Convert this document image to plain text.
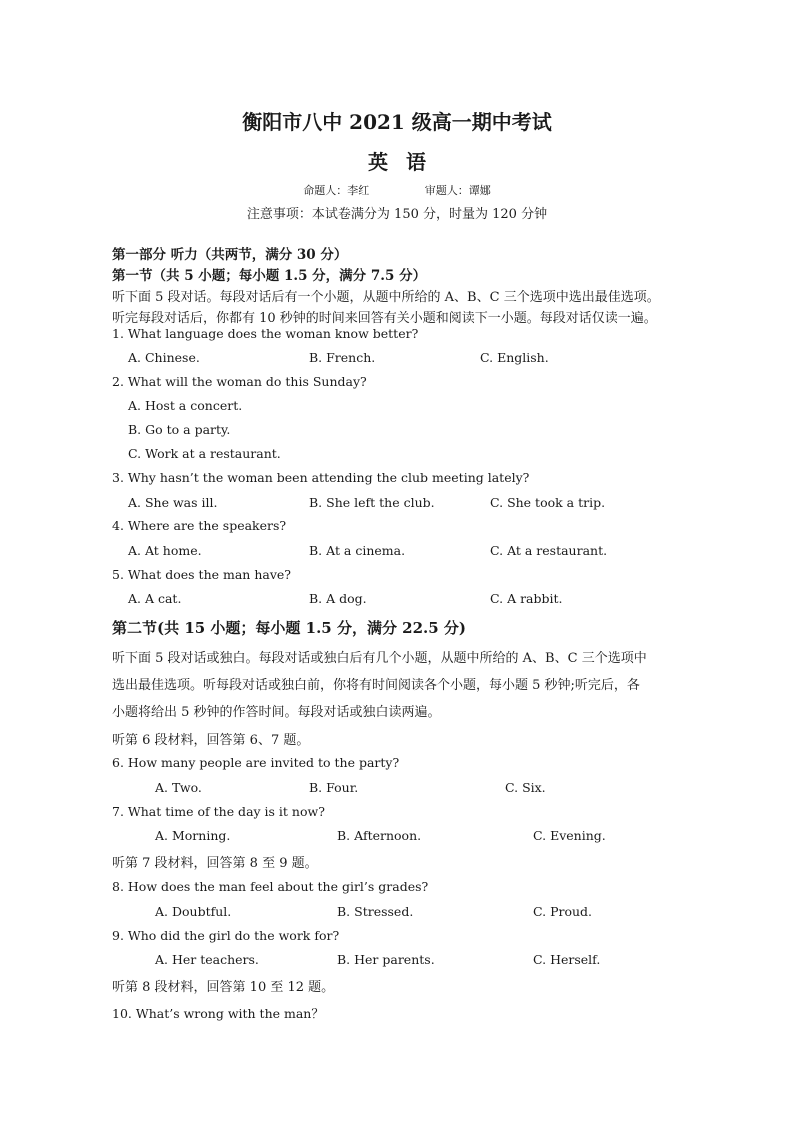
衡阳市八中 2021 级高一期中考试
英语
命题人：李红	审题人：谭娜
注意事项：本试卷满分为 150 分，时量为 120 分钟
第一部分 听力（共两节，满分 30 分）
第一节（共 5 小题；每小题 1.5 分，满分 7.5 分）
听下面 5 段对话。每段对话后有一个小题，从题中所给的 A、B、C 三个选项中选出最佳选项。
听完每段对话后，你都有 10 秒钟的时间来回答有关小题和阅读下一小题。每段对话仅读一遍。
1. What language does the woman know better?
A. Chinese.	B. French.	C. English.
2. What will the woman do this Sunday?
A. Host a concert.
B. Go to a party.
C. Work at a restaurant.
3. Why hasn’t the woman been attending the club meeting lately?
A. She was ill.	B. She left the club.	C. She took a trip.
4. Where are the speakers?
A. At home.	B. At a cinema.	C. At a restaurant.
5. What does the man have?
A. A cat.	B. A dog.	C. A rabbit.
第二节(共 15 小题；每小题 1.5 分，满分 22.5 分)
听下面 5 段对话或独白。每段对话或独白后有几个小题，从题中所给的 A、B、C 三个选项中
选出最佳选项。听每段对话或独白前，你将有时间阅读各个小题，每小题 5 秒钟;听完后，各
小题将给出 5 秒钟的作答时间。每段对话或独白读两遍。
听第 6 段材料，回答第 6、7 题。
6. How many people are invited to the party?
A. Two.	B. Four.	C. Six.
7. What time of the day is it now?
A. Morning.	B. Afternoon.	C. Evening.
听第 7 段材料，回答第 8 至 9 题。
8. How does the man feel about the girl’s grades?
A. Doubtful.	B. Stressed.	C. Proud.
9. Who did the girl do the work for?
A. Her teachers.	B. Her parents.	C. Herself.
听第 8 段材料，回答第 10 至 12 题。
10. What’s wrong with the man？
